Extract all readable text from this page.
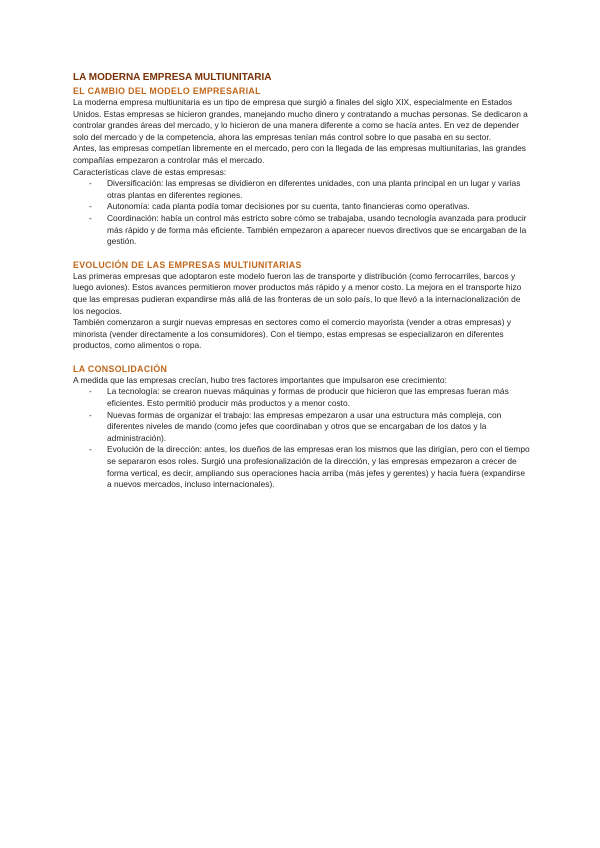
LA MODERNA EMPRESA MULTIUNITARIA
EL CAMBIO DEL MODELO EMPRESARIAL

La moderna empresa multiunitaria es un tipo de empresa que surgió a finales del siglo XIX, especialmente en Estados Unidos. Estas empresas se hicieron grandes, manejando mucho dinero y contratando a muchas personas. Se dedicaron a controlar grandes áreas del mercado, y lo hicieron de una manera diferente a como se hacía antes. En vez de depender solo del mercado y de la competencia, ahora las empresas tenían más control sobre lo que pasaba en su sector.

Antes, las empresas competían libremente en el mercado, pero con la llegada de las empresas multiunitarias, las grandes compañías empezaron a controlar más el mercado.

Características clave de estas empresas:

- Diversificación: las empresas se dividieron en diferentes unidades, con una planta principal en un lugar y varias otras plantas en diferentes regiones.
- Autonomía: cada planta podía tomar decisiones por su cuenta, tanto financieras como operativas.
- Coordinación: había un control más estricto sobre cómo se trabajaba, usando tecnología avanzada para producir más rápido y de forma más eficiente. También empezaron a aparecer nuevos directivos que se encargaban de la gestión.
EVOLUCIÓN DE LAS EMPRESAS MULTIUNITARIAS

Las primeras empresas que adoptaron este modelo fueron las de transporte y distribución (como ferrocarriles, barcos y luego aviones). Estos avances permitieron mover productos más rápido y a menor costo. La mejora en el transporte hizo que las empresas pudieran expandirse más allá de las fronteras de un solo país, lo que llevó a la internacionalización de los negocios.

También comenzaron a surgir nuevas empresas en sectores como el comercio mayorista (vender a otras empresas) y minorista (vender directamente a los consumidores). Con el tiempo, estas empresas se especializaron en diferentes productos, como alimentos o ropa.

LA CONSOLIDACIÓN

A medida que las empresas crecían, hubo tres factores importantes que impulsaron ese crecimiento:

- La tecnología: se crearon nuevas máquinas y formas de producir que hicieron que las empresas fueran más eficientes. Esto permitió producir más productos y a menor costo.
- Nuevas formas de organizar el trabajo: las empresas empezaron a usar una estructura más compleja, con diferentes niveles de mando (como jefes que coordinaban y otros que se encargaban de los datos y la administración).
- Evolución de la dirección: antes, los dueños de las empresas eran los mismos que las dirigían, pero con el tiempo se separaron esos roles. Surgió una profesionalización de la dirección, y las empresas empezaron a crecer de forma vertical, es decir, ampliando sus operaciones hacia arriba (más jefes y gerentes) y hacia fuera (expandirse a nuevos mercados, incluso internacionales).
